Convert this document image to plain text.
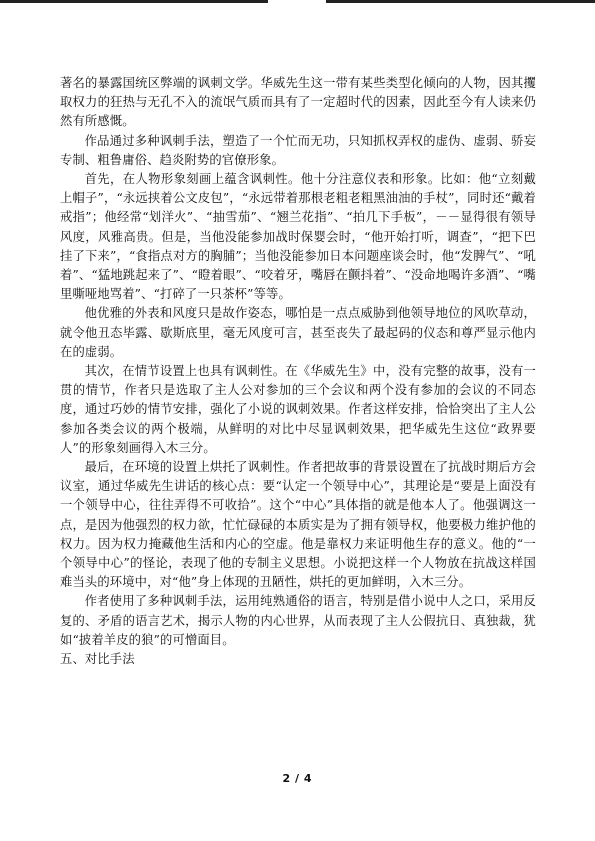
著名的暴露国统区弊端的讽刺文学。华威先生这一带有某些类型化倾向的人物，因其攫取权力的狂热与无孔不入的流氓气质而具有了一定超时代的因素，因此至今有人读来仍然有所感慨。

作品通过多种讽刺手法，塑造了一个忙而无功，只知抓权弄权的虚伪、虚弱、骄妄专制、粗鲁庸俗、趋炎附势的官僚形象。

首先，在人物形象刻画上蕴含讽刺性。他十分注意仪表和形象。比如：他“立刻戴上帽子”，“永远挟着公文皮包”，“永远带着那根老粗老粗黑油油的手杖”，同时还“戴着戒指”；他经常“划洋火”、“抽雪茄”、“翘兰花指”、“拍几下手板”，－－显得很有领导风度，风雅高贵。但是，当他没能参加战时保婴会时，“他开始打听，调查”，“把下巴挂了下来”，“食指点对方的胸脯”；当他没能参加日本问题座谈会时，他“发脾气”、“吼着”、“猛地跳起来了”、“瞪着眼”、“咬着牙，嘴唇在颤抖着”、“没命地喝许多酒”、“嘴里嘶哑地骂着”、“打碎了一只茶杯”等等。

他优雅的外表和风度只是故作姿态，哪怕是一点点威胁到他领导地位的风吹草动，就令他丑态毕露、歇斯底里，毫无风度可言，甚至丧失了最起码的仪态和尊严显示他内在的虚弱。

其次，在情节设置上也具有讽刺性。在《华威先生》中，没有完整的故事，没有一贯的情节，作者只是选取了主人公对参加的三个会议和两个没有参加的会议的不同态度，通过巧妙的情节安排，强化了小说的讽刺效果。作者这样安排，恰恰突出了主人公参加各类会议的两个极端，从鲜明的对比中尽显讽刺效果，把华威先生这位“政界要人”的形象刻画得入木三分。

最后，在环境的设置上烘托了讽刺性。作者把故事的背景设置在了抗战时期后方会议室，通过华威先生讲话的核心点：要“认定一个领导中心”，其理论是“要是上面没有一个领导中心，往往弄得不可收拾”。这个“中心”具体指的就是他本人了。他强调这一点，是因为他强烈的权力欲，忙忙碌碌的本质实是为了拥有领导权，他要极力维护他的权力。因为权力掩藏他生活和内心的空虚。他是靠权力来证明他生存的意义。他的“一个领导中心”的怪论，表现了他的专制主义思想。小说把这样一个人物放在抗战这样国难当头的环境中，对“他”身上体现的丑陋性，烘托的更加鲜明，入木三分。

作者使用了多种讽刺手法，运用纯熟通俗的语言，特别是借小说中人之口，采用反复的、矛盾的语言艺术，揭示人物的内心世界，从而表现了主人公假抗日、真独裁，犹如“披着羊皮的狼”的可憎面目。

五、对比手法

2 / 4
